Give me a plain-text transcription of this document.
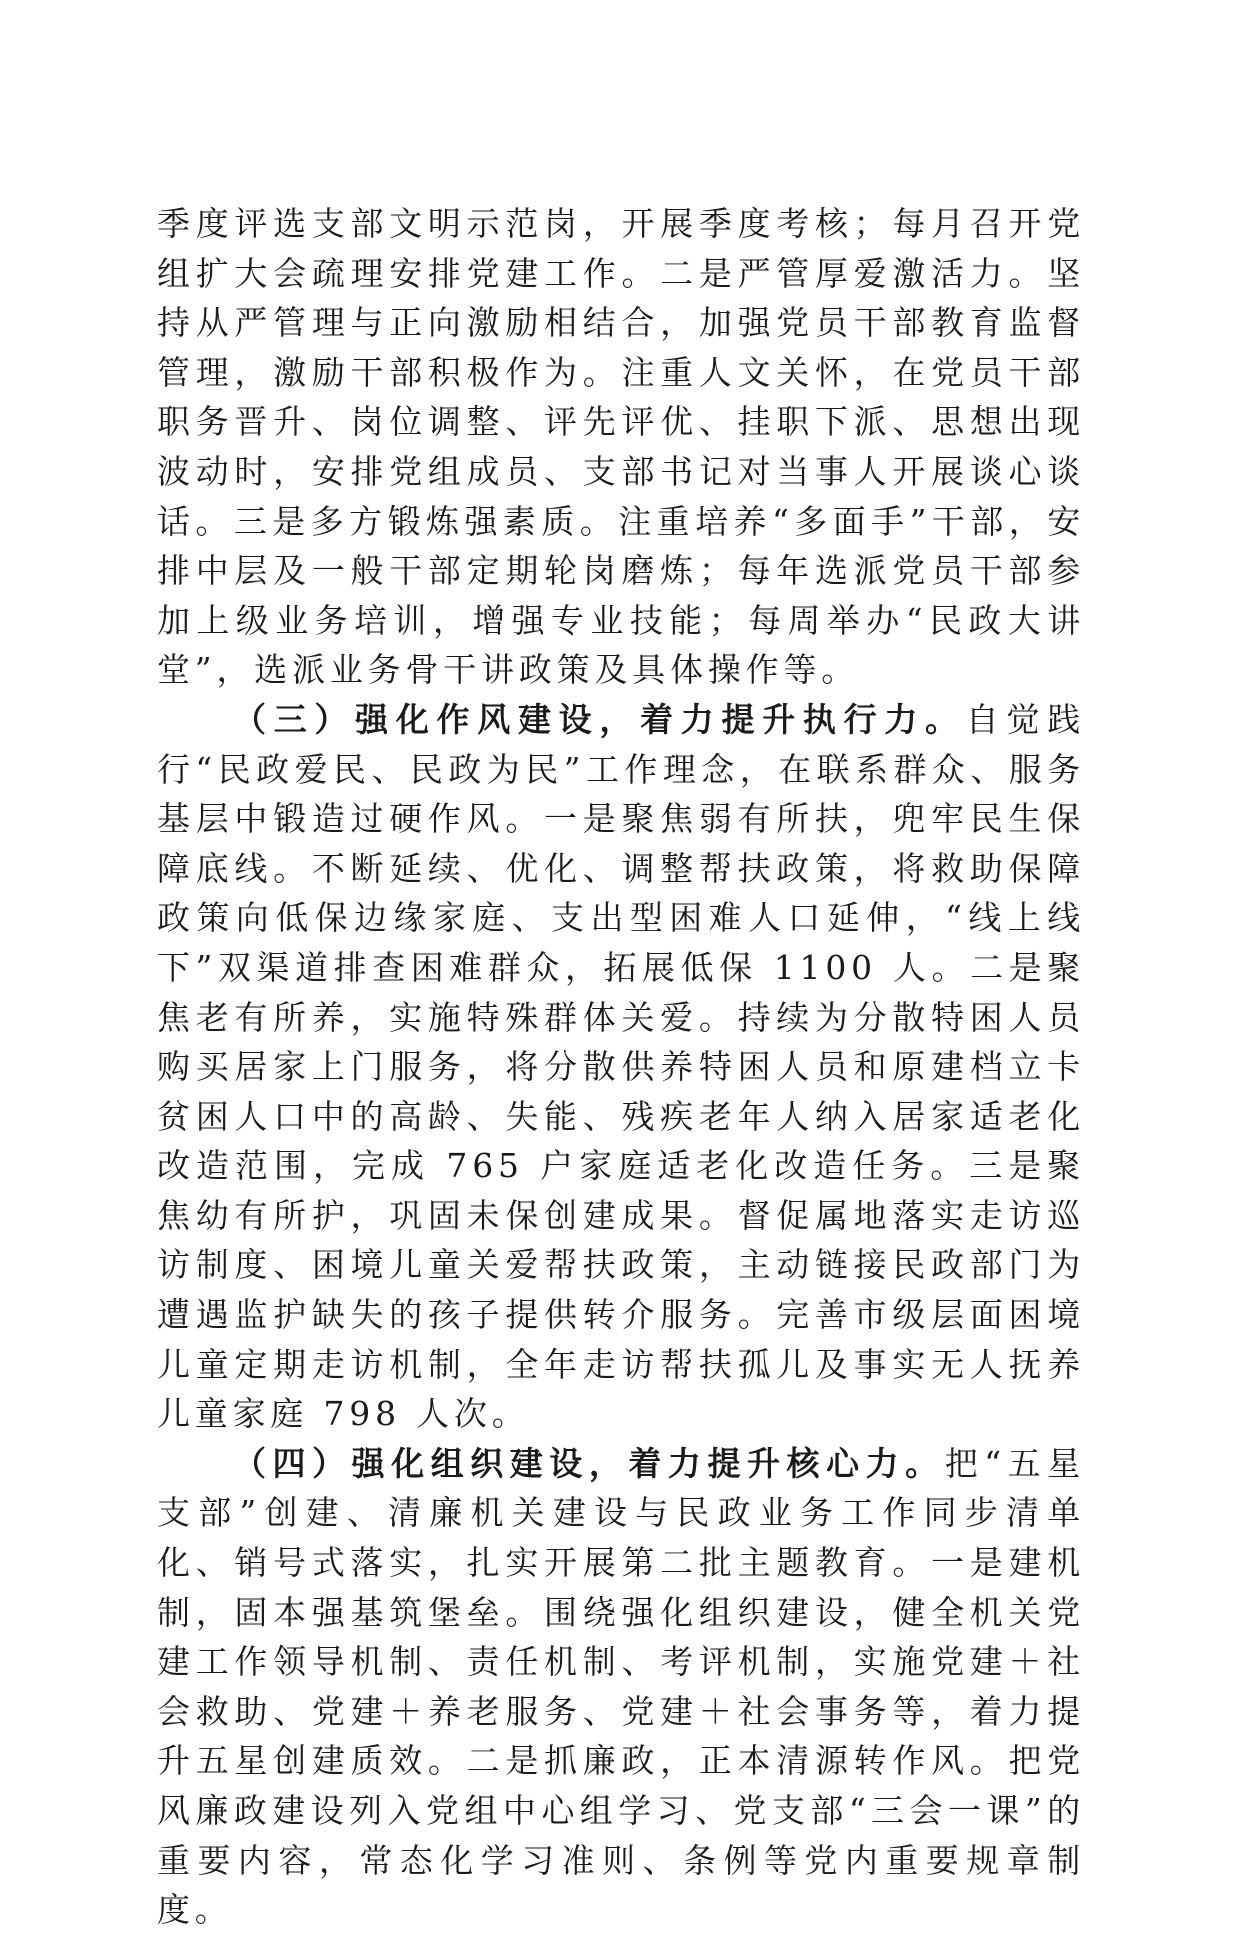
季度评选支部文明示范岗，开展季度考核；每月召开党组扩大会疏理安排党建工作。二是严管厚爱激活力。坚持从严管理与正向激励相结合，加强党员干部教育监督管理，激励干部积极作为。注重人文关怀，在党员干部职务晋升、岗位调整、评先评优、挂职下派、思想出现波动时，安排党组成员、支部书记对当事人开展谈心谈话。三是多方锻炼强素质。注重培养“多面手”干部，安排中层及一般干部定期轮岗磨炼；每年选派党员干部参加上级业务培训，增强专业技能；每周举办“民政大讲堂”，选派业务骨干讲政策及具体操作等。

（三）强化作风建设，着力提升执行力。自觉践行“民政爱民、民政为民”工作理念，在联系群众、服务基层中锻造过硬作风。一是聚焦弱有所扶，兜牢民生保障底线。不断延续、优化、调整帮扶政策，将救助保障政策向低保边缘家庭、支出型困难人口延伸，“线上线下”双渠道排查困难群众，拓展低保 1100 人。二是聚焦老有所养，实施特殊群体关爱。持续为分散特困人员购买居家上门服务，将分散供养特困人员和原建档立卡贫困人口中的高龄、失能、残疾老年人纳入居家适老化改造范围，完成 765 户家庭适老化改造任务。三是聚焦幼有所护，巩固未保创建成果。督促属地落实走访巡访制度、困境儿童关爱帮扶政策，主动链接民政部门为遭遇监护缺失的孩子提供转介服务。完善市级层面困境儿童定期走访机制，全年走访帮扶孤儿及事实无人抚养儿童家庭 798 人次。

（四）强化组织建设，着力提升核心力。把“五星支部”创建、清廉机关建设与民政业务工作同步清单化、销号式落实，扎实开展第二批主题教育。一是建机制，固本强基筑堡垒。围绕强化组织建设，健全机关党建工作领导机制、责任机制、考评机制，实施党建＋社会救助、党建＋养老服务、党建＋社会事务等，着力提升五星创建质效。二是抓廉政，正本清源转作风。把党风廉政建设列入党组中心组学习、党支部“三会一课”的重要内容，常态化学习准则、条例等党内重要规章制度。
